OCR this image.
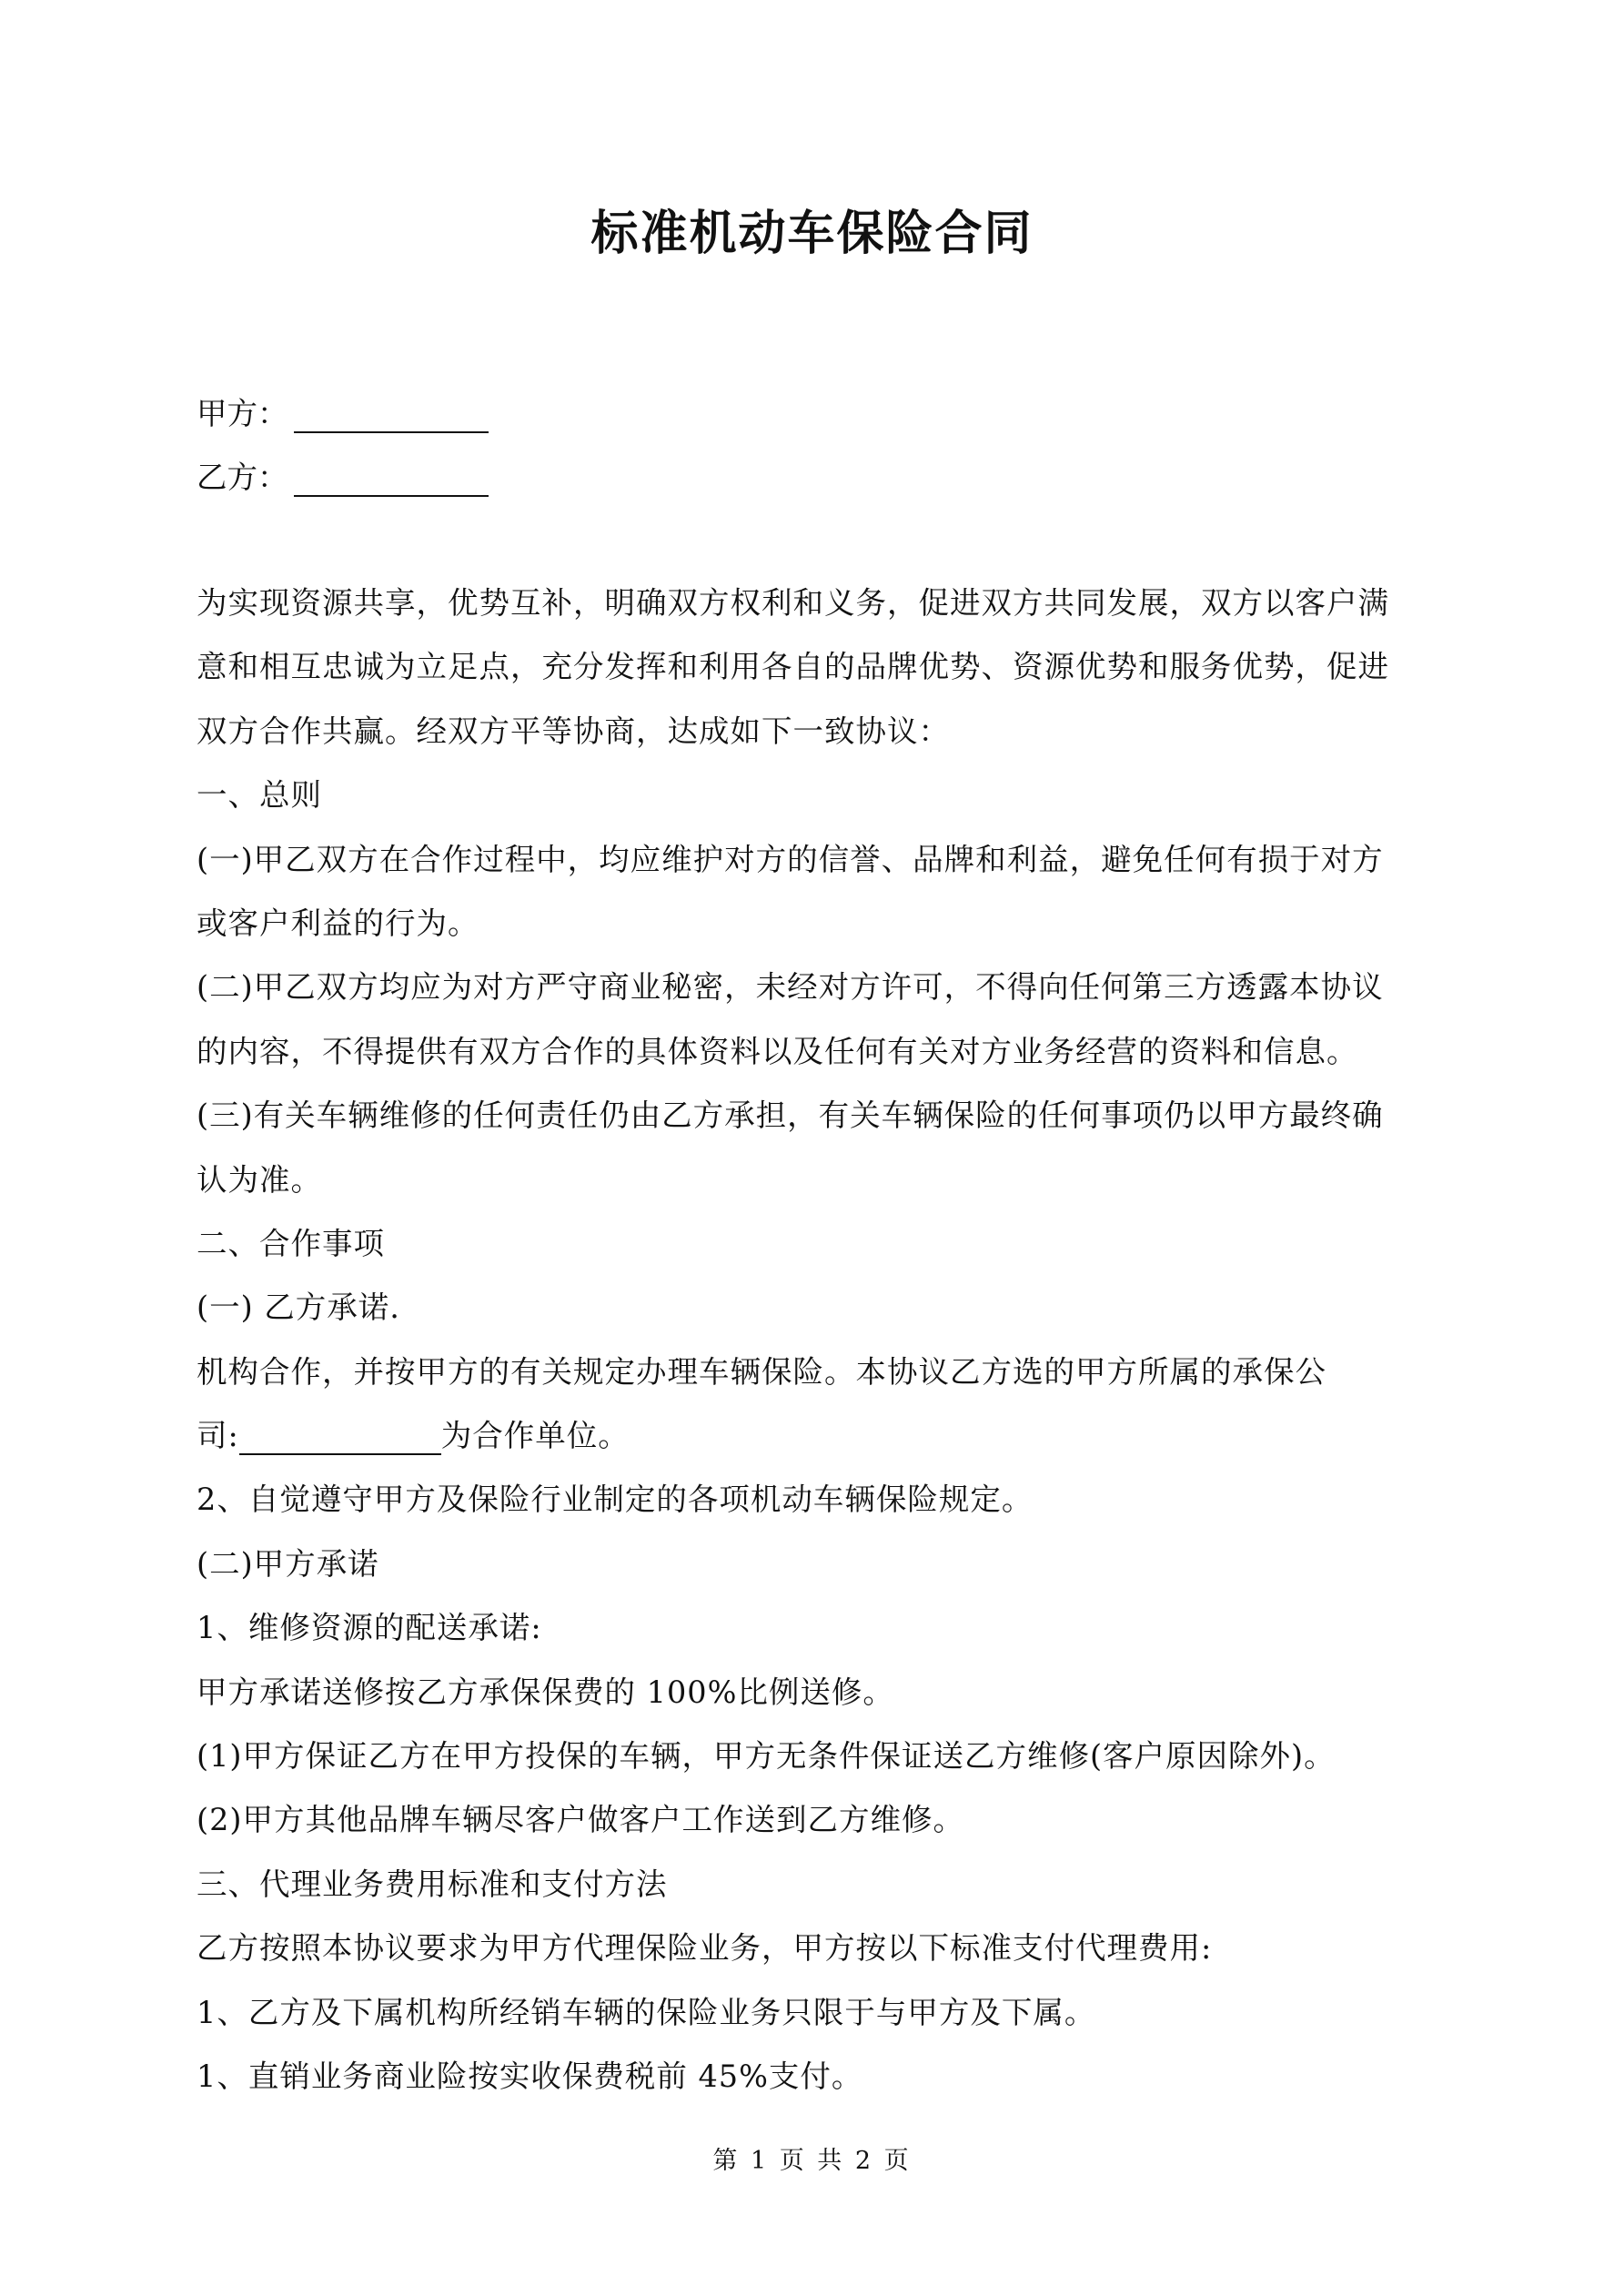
标准机动车保险合同
甲方：
乙方：
为实现资源共享，优势互补，明确双方权利和义务，促进双方共同发展，双方以客户满
意和相互忠诚为立足点，充分发挥和利用各自的品牌优势、资源优势和服务优势，促进
双方合作共赢。经双方平等协商，达成如下一致协议：
一、总则
(一)甲乙双方在合作过程中，均应维护对方的信誉、品牌和利益，避免任何有损于对方
或客户利益的行为。
(二)甲乙双方均应为对方严守商业秘密，未经对方许可，不得向任何第三方透露本协议
的内容，不得提供有双方合作的具体资料以及任何有关对方业务经营的资料和信息。
(三)有关车辆维修的任何责任仍由乙方承担，有关车辆保险的任何事项仍以甲方最终确
认为准。
二、合作事项
(一) 乙方承诺.
机构合作，并按甲方的有关规定办理车辆保险。本协议乙方选的甲方所属的承保公
司:	为合作单位。
2、自觉遵守甲方及保险行业制定的各项机动车辆保险规定。
(二)甲方承诺
1、维修资源的配送承诺:
甲方承诺送修按乙方承保保费的 100%比例送修。
(1)甲方保证乙方在甲方投保的车辆，甲方无条件保证送乙方维修(客户原因除外)。
(2)甲方其他品牌车辆尽客户做客户工作送到乙方维修。
三、代理业务费用标准和支付方法
乙方按照本协议要求为甲方代理保险业务，甲方按以下标准支付代理费用:
1、乙方及下属机构所经销车辆的保险业务只限于与甲方及下属。
1、直销业务商业险按实收保费税前 45%支付。
第 1 页 共 2 页
